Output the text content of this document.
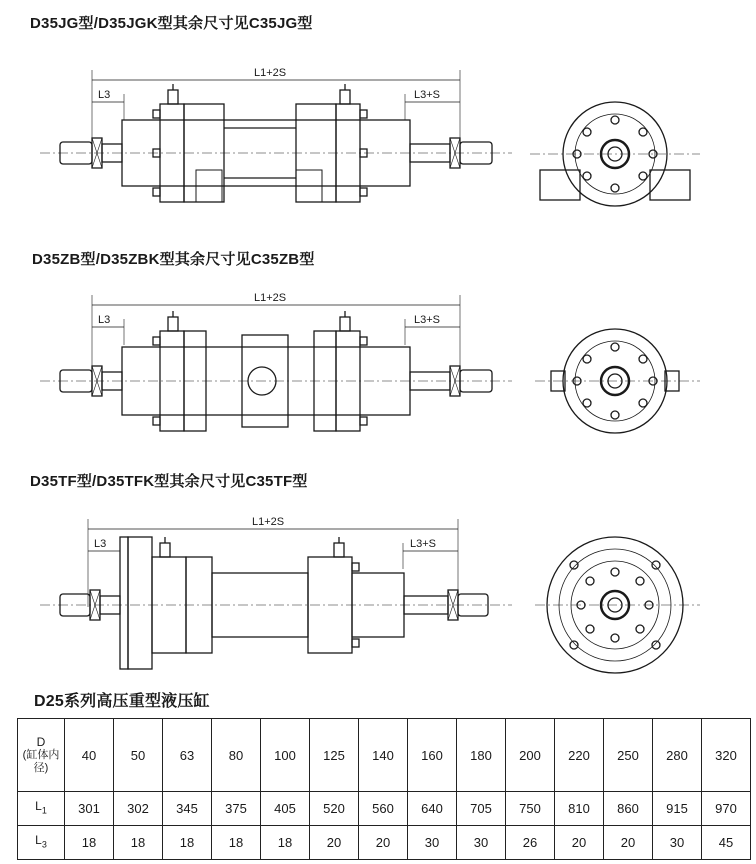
D35JG型/D35JGK型其余尺寸见C35JG型
D35ZB型/D35ZBK型其余尺寸见C35ZB型
D35TF型/D35TFK型其余尺寸见C35TF型
L1+2S
L3	L3+S
L1+2S
L3	L3+S
L1+2S
L3	L3+S
D25系列高压重型液压缸
D
(缸体内径)	40	50	63	80	100	125	140	160	180	200	220	250	280	320
$L_1$	301	302	345	375	405	520	560	640	705	750	810	860	915	970
$L_3$	18	18	18	18	18	20	20	30	30	26	20	20	30	45
